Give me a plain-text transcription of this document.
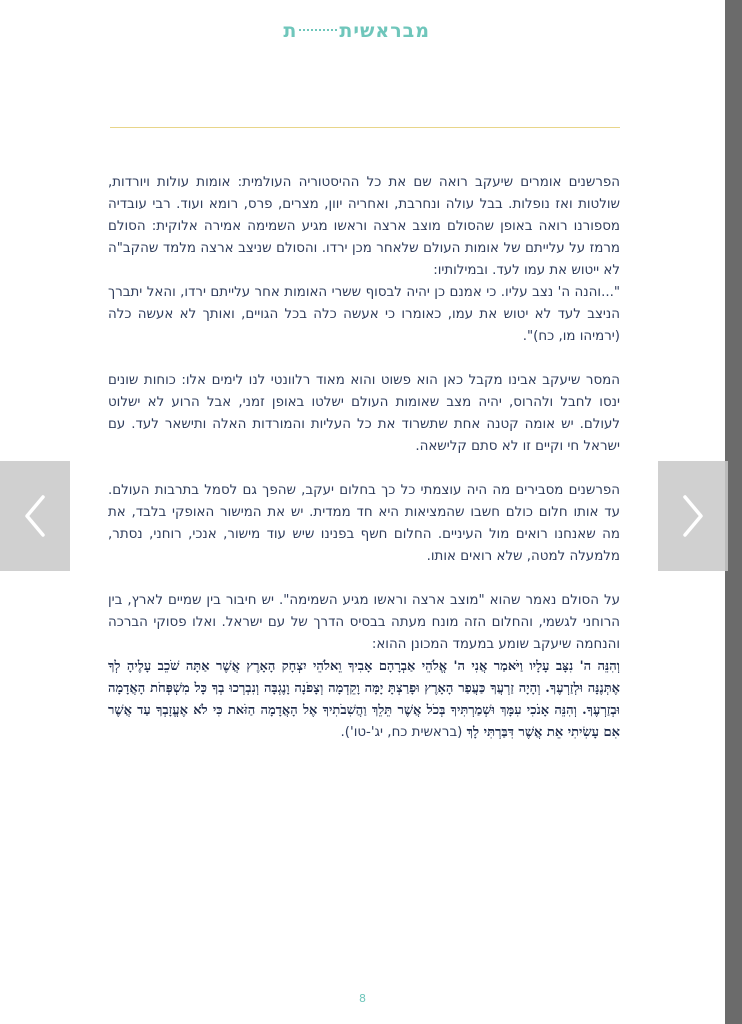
מבראשיתת

הפרשנים אומרים שיעקב רואה שם את כל ההיסטוריה העולמית: אומות עולות ויורדות, שולטות ואז נופלות. בבל עולה ונחרבת, ואחריה יוון, מצרים, פרס, רומא ועוד. רבי עובדיה מספורנו רואה באופן שהסולם מוצב ארצה וראשו מגיע השמימה אמירה אלוקית: הסולם מרמז על עלייתם של אומות העולם שלאחר מכן ירדו. והסולם שניצב ארצה מלמד שהקב"ה לא ייטוש את עמו לעד. ובמילותיו:
"...והנה ה' נצב עליו. כי אמנם כן יהיה לבסוף ששרי האומות אחר עלייתם ירדו, והאל יתברך הניצב לעד לא יטוש את עמו, כאומרו כי אעשה כלה בכל הגויים, ואותך לא אעשה כלה (ירמיהו מו, כח)".

המסר שיעקב אבינו מקבל כאן הוא פשוט והוא מאוד רלוונטי לנו לימים אלו: כוחות שונים ינסו לחבל ולהרוס, יהיה מצב שאומות העולם ישלטו באופן זמני, אבל הרוע לא ישלוט לעולם. יש אומה קטנה אחת שתשרוד את כל העליות והמורדות האלה ותישאר לעד. עם ישראל חי וקיים זו לא סתם קלישאה.

הפרשנים מסבירים מה היה עוצמתי כל כך בחלום יעקב, שהפך גם לסמל בתרבות העולם. עד אותו חלום כולם חשבו שהמציאות היא חד ממדית. יש את המישור האופקי בלבד, את מה שאנחנו רואים מול העיניים. החלום חשף בפנינו שיש עוד מישור, אנכי, רוחני, נסתר, מלמעלה למטה, שלא רואים אותו.

על הסולם נאמר שהוא "מוצב ארצה וראשו מגיע השמימה". יש חיבור בין שמיים לארץ, בין הרוחני לגשמי, והחלום הזה מונח מעתה בבסיס הדרך של עם ישראל. ואלו פסוקי הברכה והנחמה שיעקב שומע במעמד המכונן ההוא:
וְהִנֵּה ה' נִצָּב עָלָיו וַיֹּאמַר אֲנִי ה' אֱלֹהֵי אַבְרָהָם אָבִיךָ וֵאלֹהֵי יִצְחָק הָאָרֶץ אֲשֶׁר אַתָּה שֹׁכֵב עָלֶיהָ לְךָ אֶתְּנֶנָּה וּלְזַרְעֶךָ. וְהָיָה זַרְעֲךָ כַּעֲפַר הָאָרֶץ וּפָרַצְתָּ יָמָּה וָקֵדְמָה וְצָפֹנָה וָנֶגְבָּה וְנִבְרְכוּ בְךָ כָּל מִשְׁפְּחֹת הָאֲדָמָה וּבְזַרְעֶךָ. וְהִנֵּה אָנֹכִי עִמָּךְ וּשְׁמַרְתִּיךָ בְּכֹל אֲשֶׁר תֵּלֵךְ וַהֲשִׁבֹתִיךָ אֶל הָאֲדָמָה הַזֹּאת כִּי לֹא אֶעֱזָבְךָ עַד אֲשֶׁר אִם עָשִׂיתִי אֵת אֲשֶׁר דִּבַּרְתִּי לָךְ (בראשית כח, יג'-טו').

8
